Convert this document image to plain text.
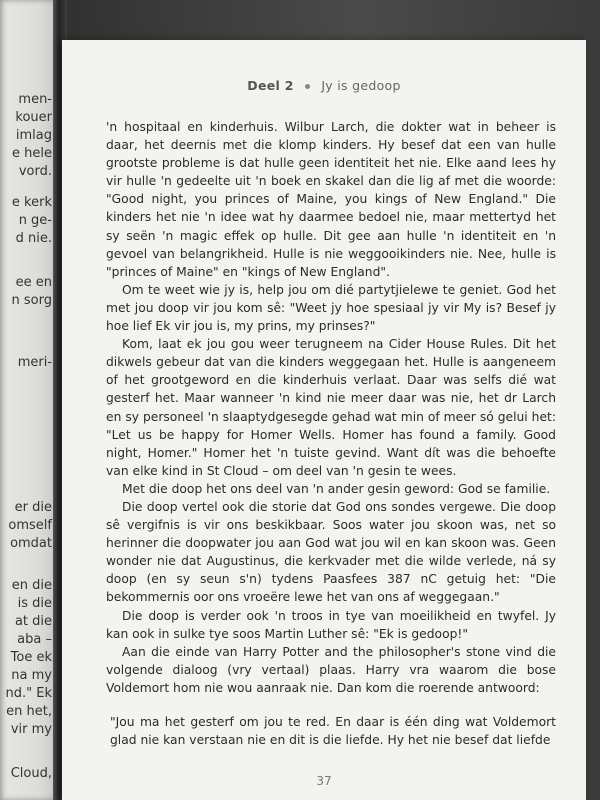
men-
kouer
imlag
e hele
vord.
e kerk
n ge-
d nie.
ee en
n sorg
meri-
er die
omself
omdat
en die
is die
at die
aba –
Toe ek
na my
nd." Ek
en het,
vir my
Cloud,
Deel 2 Jy is gedoop

'n hospitaal en kinderhuis. Wilbur Larch, die dokter wat in beheer is daar, het deernis met die klomp kinders. Hy besef dat een van hulle grootste probleme is dat hulle geen identiteit het nie. Elke aand lees hy vir hulle 'n gedeelte uit 'n boek en skakel dan die lig af met die woorde: "Good night, you princes of Maine, you kings of New England." Die kinders het nie 'n idee wat hy daarmee bedoel nie, maar mettertyd het sy seën 'n magic effek op hulle. Dit gee aan hulle 'n identiteit en 'n gevoel van belangrikheid. Hulle is nie weggooikinders nie. Nee, hulle is "princes of Maine" en "kings of New England".

Om te weet wie jy is, help jou om dié partytjielewe te geniet. God het met jou doop vir jou kom sê: "Weet jy hoe spesiaal jy vir My is? Besef jy hoe lief Ek vir jou is, my prins, my prinses?"

Kom, laat ek jou gou weer terugneem na Cider House Rules. Dit het dikwels gebeur dat van die kinders weggegaan het. Hulle is aangeneem of het grootgeword en die kinderhuis verlaat. Daar was selfs dié wat gesterf het. Maar wanneer 'n kind nie meer daar was nie, het dr Larch en sy personeel 'n slaaptydgesegde gehad wat min of meer só gelui het: "Let us be happy for Homer Wells. Homer has found a family. Good night, Homer." Homer het 'n tuiste gevind. Want dít was die behoefte van elke kind in St Cloud – om deel van 'n gesin te wees.

Met die doop het ons deel van 'n ander gesin geword: God se familie.

Die doop vertel ook die storie dat God ons sondes vergewe. Die doop sê vergifnis is vir ons beskikbaar. Soos water jou skoon was, net so herinner die doopwater jou aan God wat jou wil en kan skoon was. Geen wonder nie dat Augustinus, die kerkvader met die wilde verlede, ná sy doop (en sy seun s'n) tydens Paasfees 387 nC getuig het: "Die bekommernis oor ons vroeëre lewe het van ons af weggegaan."

Die doop is verder ook 'n troos in tye van moeilikheid en twyfel. Jy kan ook in sulke tye soos Martin Luther sê: "Ek is gedoop!"

Aan die einde van Harry Potter and the philosopher's stone vind die volgende dialoog (vry vertaal) plaas. Harry vra waarom die bose Voldemort hom nie wou aanraak nie. Dan kom die roerende antwoord:

"Jou ma het gesterf om jou te red. En daar is één ding wat Voldemort glad nie kan verstaan nie en dit is die liefde. Hy het nie besef dat liefde

37
